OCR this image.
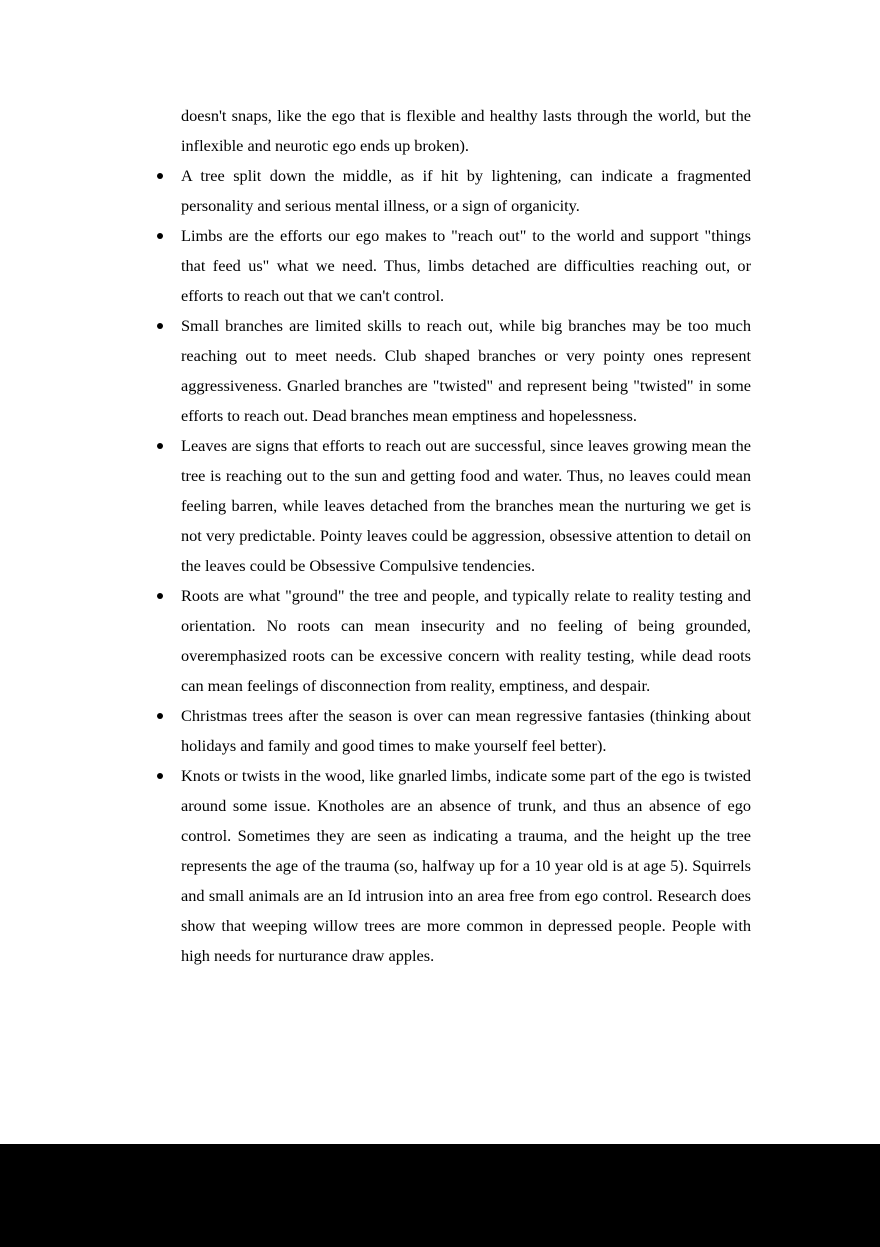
doesn't snaps, like the ego that is flexible and healthy lasts through the world, but the inflexible and neurotic ego ends up broken).

A tree split down the middle, as if hit by lightening, can indicate a fragmented personality and serious mental illness, or a sign of organicity.
Limbs are the efforts our ego makes to "reach out" to the world and support "things that feed us" what we need. Thus, limbs detached are difficulties reaching out, or efforts to reach out that we can't control.
Small branches are limited skills to reach out, while big branches may be too much reaching out to meet needs. Club shaped branches or very pointy ones represent aggressiveness. Gnarled branches are "twisted" and represent being "twisted" in some efforts to reach out. Dead branches mean emptiness and hopelessness.
Leaves are signs that efforts to reach out are successful, since leaves growing mean the tree is reaching out to the sun and getting food and water. Thus, no leaves could mean feeling barren, while leaves detached from the branches mean the nurturing we get is not very predictable. Pointy leaves could be aggression, obsessive attention to detail on the leaves could be Obsessive Compulsive tendencies.
Roots are what "ground" the tree and people, and typically relate to reality testing and orientation. No roots can mean insecurity and no feeling of being grounded, overemphasized roots can be excessive concern with reality testing, while dead roots can mean feelings of disconnection from reality, emptiness, and despair.
Christmas trees after the season is over can mean regressive fantasies (thinking about holidays and family and good times to make yourself feel better).
Knots or twists in the wood, like gnarled limbs, indicate some part of the ego is twisted around some issue. Knotholes are an absence of trunk, and thus an absence of ego control. Sometimes they are seen as indicating a trauma, and the height up the tree represents the age of the trauma (so, halfway up for a 10 year old is at age 5). Squirrels and small animals are an Id intrusion into an area free from ego control. Research does show that weeping willow trees are more common in depressed people. People with high needs for nurturance draw apples.
